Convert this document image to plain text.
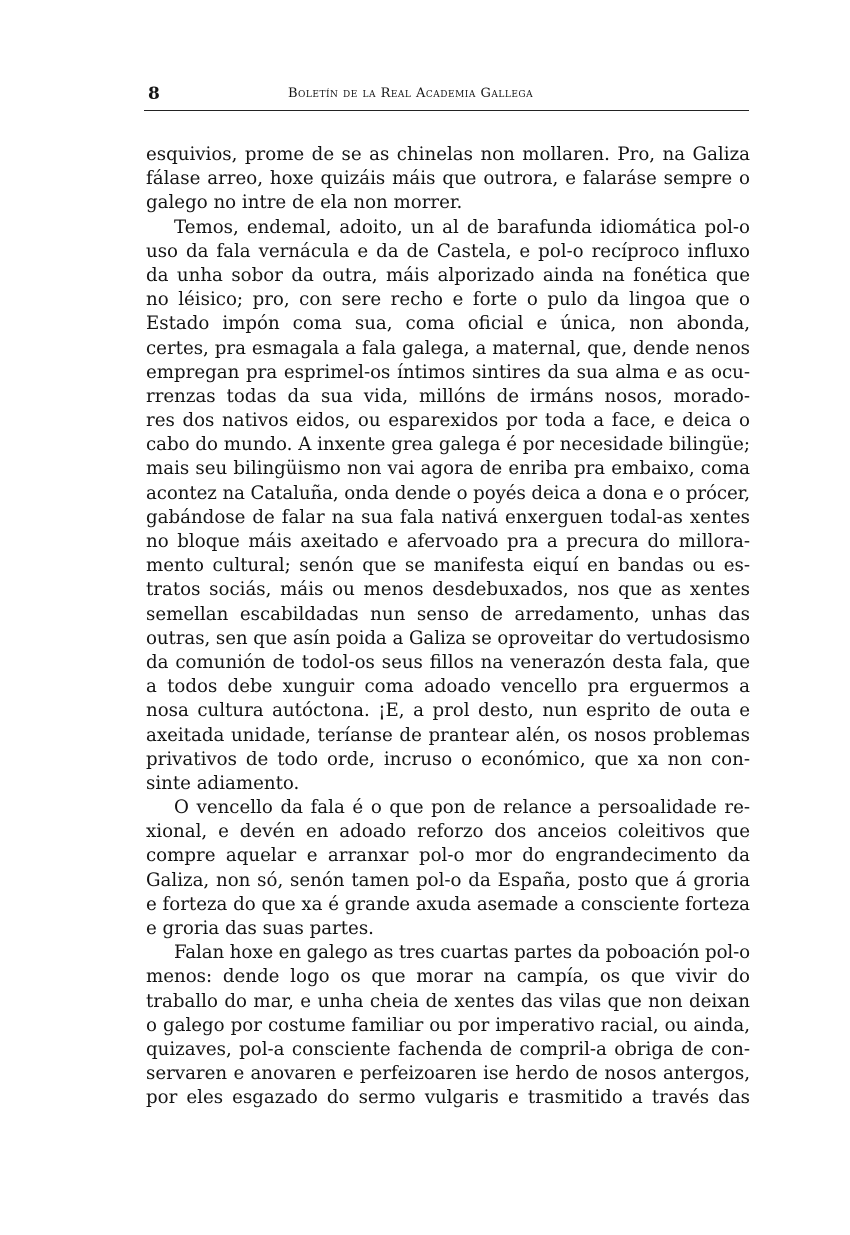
8	Boletín de la Real Academia Gallega
esquivios, prome de se as chinelas non mollaren. Pro, na Galiza
fálase arreo, hoxe quizáis máis que outrora, e falaráse sempre o
galego no intre de ela non morrer.
Temos, endemal, adoito, un al de barafunda idiomática pol-o
uso da fala vernácula e da de Castela, e pol-o recíproco influxo
da unha sobor da outra, máis alporizado ainda na fonética que
no léisico; pro, con sere recho e forte o pulo da lingoa que o
Estado impón coma sua, coma oficial e única, non abonda,
certes, pra esmagala a fala galega, a maternal, que, dende nenos
empregan pra esprimel-os íntimos sintires da sua alma e as ocu-
rrenzas todas da sua vida, millóns de irmáns nosos, morado-
res dos nativos eidos, ou esparexidos por toda a face, e deica o
cabo do mundo. A inxente grea galega é por necesidade bilingüe;
mais seu bilingüismo non vai agora de enriba pra embaixo, coma
acontez na Cataluña, onda dende o poyés deica a dona e o prócer,
gabándose de falar na sua fala nativá enxerguen todal-as xentes
no bloque máis axeitado e afervoado pra a precura do millora-
mento cultural; senón que se manifesta eiquí en bandas ou es-
tratos sociás, máis ou menos desdebuxados, nos que as xentes
semellan escabildadas nun senso de arredamento, unhas das
outras, sen que asín poida a Galiza se oproveitar do vertudosismo
da comunión de todol-os seus fillos na venerazón desta fala, que
a todos debe xunguir coma adoado vencello pra erguermos a
nosa cultura autóctona. ¡E, a prol desto, nun esprito de outa e
axeitada unidade, teríanse de prantear alén, os nosos problemas
privativos de todo orde, incruso o económico, que xa non con-
sinte adiamento.
O vencello da fala é o que pon de relance a persoalidade re-
xional, e devén en adoado reforzo dos anceios coleitivos que
compre aquelar e arranxar pol-o mor do engrandecimento da
Galiza, non só, senón tamen pol-o da España, posto que á groria
e forteza do que xa é grande axuda asemade a consciente forteza
e groria das suas partes.
Falan hoxe en galego as tres cuartas partes da poboación pol-o
menos: dende logo os que morar na campía, os que vivir do
traballo do mar, e unha cheia de xentes das vilas que non deixan
o galego por costume familiar ou por imperativo racial, ou ainda,
quizaves, pol-a consciente fachenda de compril-a obriga de con-
servaren e anovaren e perfeizoaren ise herdo de nosos antergos,
por eles esgazado do sermo vulgaris e trasmitido a través das
